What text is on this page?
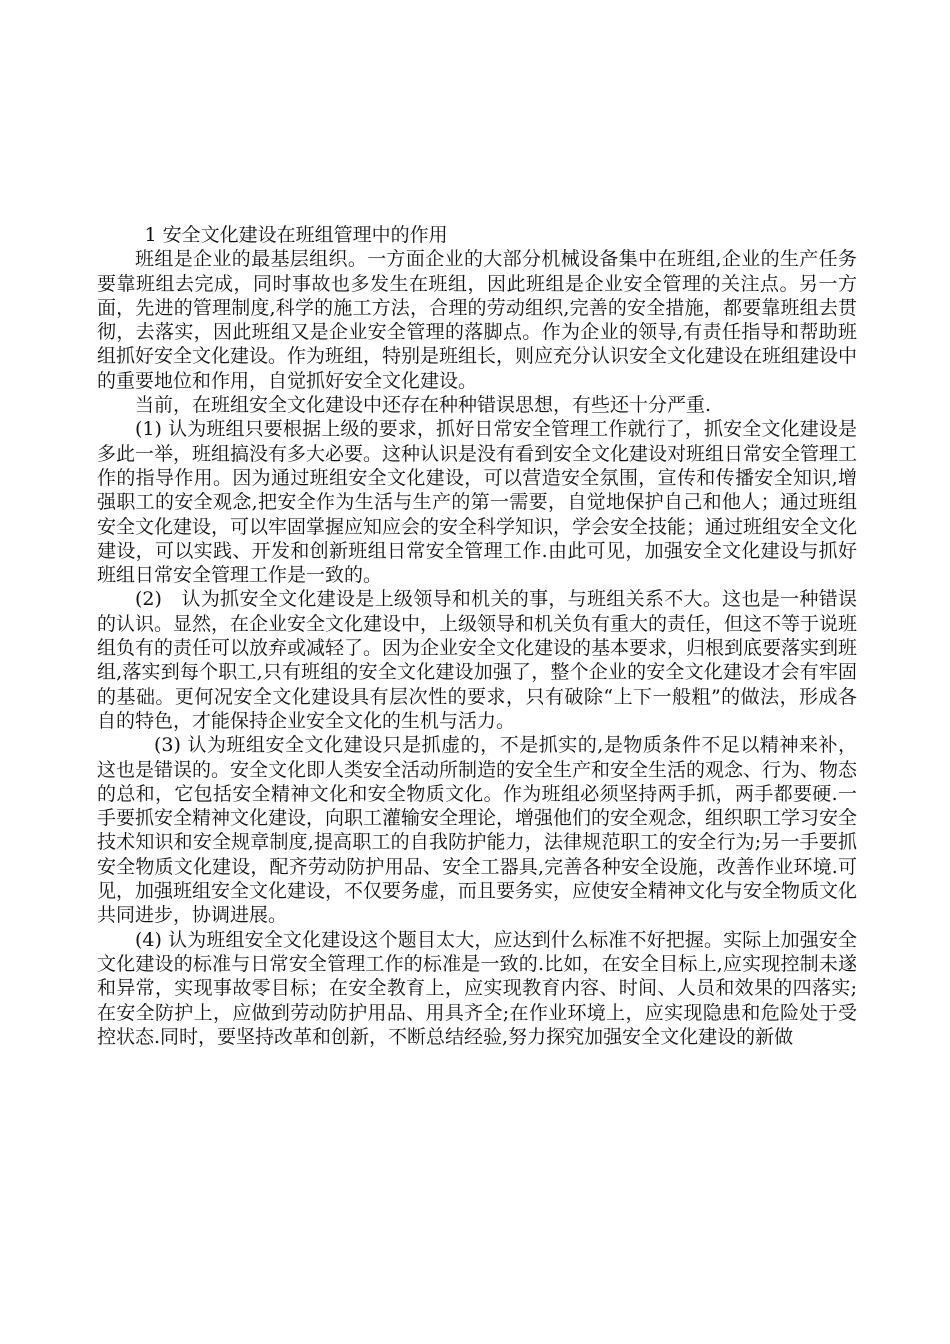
1 安全文化建设在班组管理中的作用

班组是企业的最基层组织。一方面企业的大部分机械设备集中在班组,企业的生产任务要靠班组去完成，同时事故也多发生在班组，因此班组是企业安全管理的关注点。另一方面，先进的管理制度,科学的施工方法，合理的劳动组织,完善的安全措施，都要靠班组去贯彻，去落实，因此班组又是企业安全管理的落脚点。作为企业的领导,有责任指导和帮助班组抓好安全文化建设。作为班组，特别是班组长，则应充分认识安全文化建设在班组建设中的重要地位和作用，自觉抓好安全文化建设。

当前，在班组安全文化建设中还存在种种错误思想，有些还十分严重.

(1) 认为班组只要根据上级的要求，抓好日常安全管理工作就行了，抓安全文化建设是多此一举，班组搞没有多大必要。这种认识是没有看到安全文化建设对班组日常安全管理工作的指导作用。因为通过班组安全文化建设，可以营造安全氛围，宣传和传播安全知识,增强职工的安全观念,把安全作为生活与生产的第一需要，自觉地保护自己和他人；通过班组安全文化建设，可以牢固掌握应知应会的安全科学知识，学会安全技能；通过班组安全文化建设，可以实践、开发和创新班组日常安全管理工作.由此可见，加强安全文化建设与抓好班组日常安全管理工作是一致的。

(2)　认为抓安全文化建设是上级领导和机关的事，与班组关系不大。这也是一种错误的认识。显然，在企业安全文化建设中，上级领导和机关负有重大的责任，但这不等于说班组负有的责任可以放弃或减轻了。因为企业安全文化建设的基本要求，归根到底要落实到班组,落实到每个职工,只有班组的安全文化建设加强了，整个企业的安全文化建设才会有牢固的基础。更何况安全文化建设具有层次性的要求，只有破除“上下一般粗”的做法，形成各自的特色，才能保持企业安全文化的生机与活力。

(3) 认为班组安全文化建设只是抓虚的，不是抓实的,是物质条件不足以精神来补，这也是错误的。安全文化即人类安全活动所制造的安全生产和安全生活的观念、行为、物态的总和，它包括安全精神文化和安全物质文化。作为班组必须坚持两手抓，两手都要硬.一手要抓安全精神文化建设，向职工灌输安全理论，增强他们的安全观念，组织职工学习安全技术知识和安全规章制度,提高职工的自我防护能力，法律规范职工的安全行为;另一手要抓安全物质文化建设，配齐劳动防护用品、安全工器具,完善各种安全设施，改善作业环境.可见，加强班组安全文化建设，不仅要务虚，而且要务实，应使安全精神文化与安全物质文化共同进步，协调进展。

(4) 认为班组安全文化建设这个题目太大，应达到什么标准不好把握。实际上加强安全文化建设的标准与日常安全管理工作的标准是一致的.比如，在安全目标上,应实现控制未遂和异常，实现事故零目标；在安全教育上，应实现教育内容、时间、人员和效果的四落实;在安全防护上，应做到劳动防护用品、用具齐全;在作业环境上，应实现隐患和危险处于受控状态.同时，要坚持改革和创新，不断总结经验,努力探究加强安全文化建设的新做
